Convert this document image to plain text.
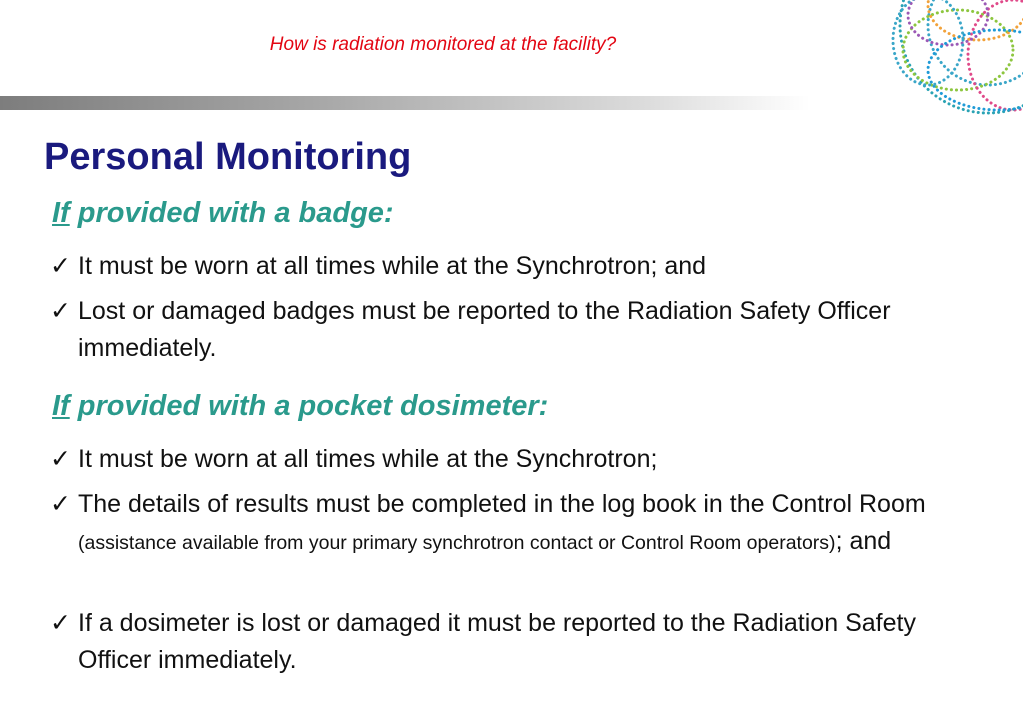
How is radiation monitored at the facility?
Personal Monitoring
If provided with a badge:
✓ It must be worn at all times while at the Synchrotron; and
✓ Lost or damaged badges must be reported to the Radiation Safety Officer immediately.
If provided with a pocket dosimeter:
✓ It must be worn at all times while at the Synchrotron;
✓ The details of results must be completed in the log book in the Control Room (assistance available from your primary synchrotron contact or Control Room operators); and
✓ If a dosimeter is lost or damaged it must be reported to the Radiation Safety Officer immediately.
